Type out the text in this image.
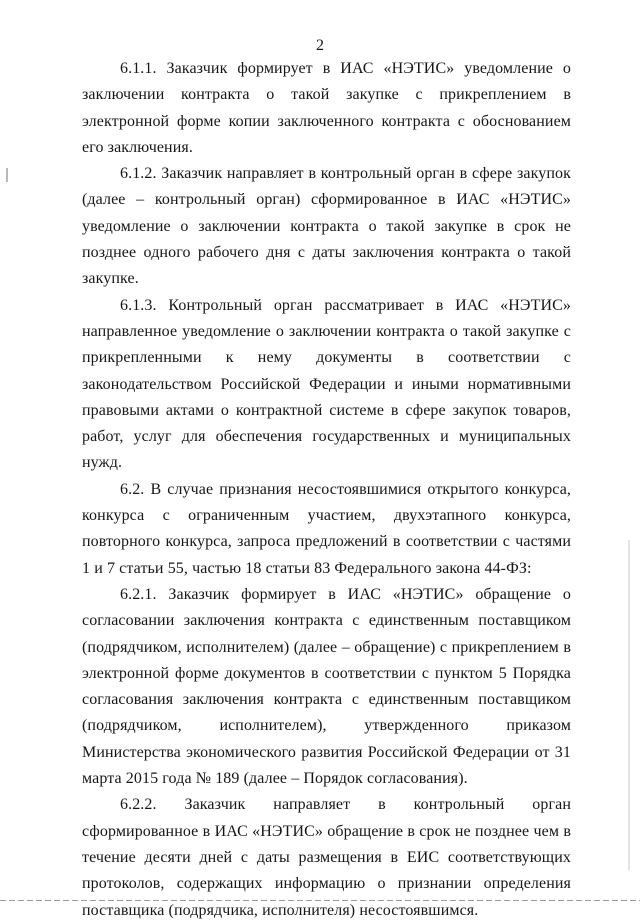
2

6.1.1. Заказчик формирует в ИАС «НЭТИС» уведомление о заключении контракта о такой закупке с прикреплением в электронной форме копии заключенного контракта с обоснованием его заключения.

6.1.2. Заказчик направляет в контрольный орган в сфере закупок (далее – контрольный орган) сформированное в ИАС «НЭТИС» уведомление о заключении контракта о такой закупке в срок не позднее одного рабочего дня с даты заключения контракта о такой закупке.

6.1.3. Контрольный орган рассматривает в ИАС «НЭТИС» направленное уведомление о заключении контракта о такой закупке с прикрепленными к нему документы в соответствии с законодательством Российской Федерации и иными нормативными правовыми актами о контрактной системе в сфере закупок товаров, работ, услуг для обеспечения государственных и муниципальных нужд.

6.2. В случае признания несостоявшимися открытого конкурса, конкурса с ограниченным участием, двухэтапного конкурса, повторного конкурса, запроса предложений в соответствии с частями 1 и 7 статьи 55, частью 18 статьи 83 Федерального закона 44-ФЗ:

6.2.1. Заказчик формирует в ИАС «НЭТИС» обращение о согласовании заключения контракта с единственным поставщиком (подрядчиком, исполнителем) (далее – обращение) с прикреплением в электронной форме документов в соответствии с пунктом 5 Порядка согласования заключения контракта с единственным поставщиком (подрядчиком, исполнителем), утвержденного приказом Министерства экономического развития Российской Федерации от 31 марта 2015 года № 189 (далее – Порядок согласования).

6.2.2. Заказчик направляет в контрольный орган сформированное в ИАС «НЭТИС» обращение в срок не позднее чем в течение десяти дней с даты размещения в ЕИС соответствующих протоколов, содержащих информацию о признании определения поставщика (подрядчика, исполнителя) несостоявшимся.
